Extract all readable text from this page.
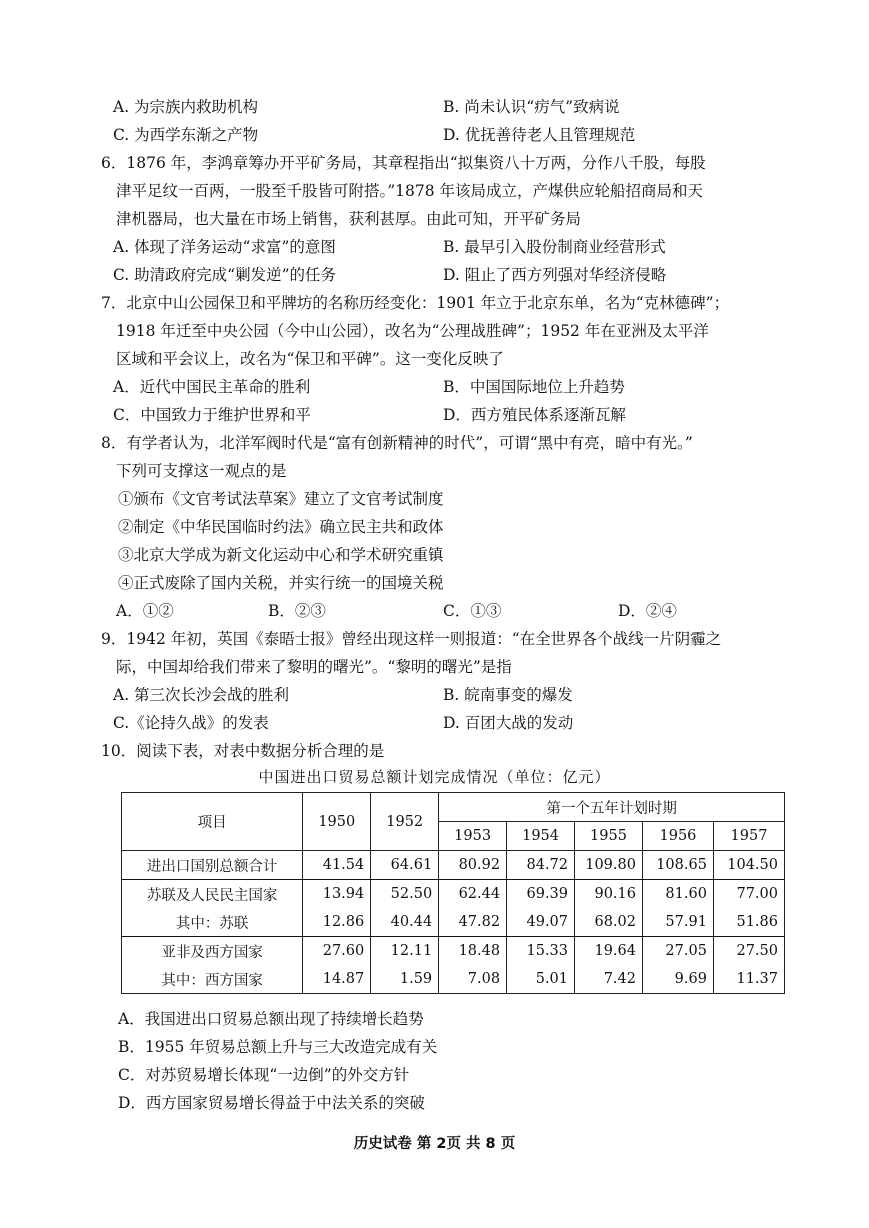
A. 为宗族内救助机构	B. 尚未认识“疠气”致病说
C. 为西学东渐之产物	D. 优抚善待老人且管理规范
6．1876 年，李鸿章筹办开平矿务局，其章程指出“拟集资八十万两，分作八千股，每股
津平足纹一百两，一股至千股皆可附搭。”1878 年该局成立，产煤供应轮船招商局和天
津机器局，也大量在市场上销售，获利甚厚。由此可知，开平矿务局
A. 体现了洋务运动“求富”的意图	B. 最早引入股份制商业经营形式
C. 助清政府完成“剿发逆”的任务	D. 阻止了西方列强对华经济侵略
7．北京中山公园保卫和平牌坊的名称历经变化：1901 年立于北京东单，名为“克林德碑”；
1918 年迁至中央公园（今中山公园），改名为“公理战胜碑”；1952 年在亚洲及太平洋
区域和平会议上，改名为“保卫和平碑”。这一变化反映了
A．近代中国民主革命的胜利	B．中国国际地位上升趋势
C．中国致力于维护世界和平	D．西方殖民体系逐渐瓦解
8．有学者认为，北洋军阀时代是“富有创新精神的时代”，可谓“黑中有亮，暗中有光。”
下列可支撑这一观点的是
①颁布《文官考试法草案》建立了文官考试制度
②制定《中华民国临时约法》确立民主共和政体
③北京大学成为新文化运动中心和学术研究重镇
④正式废除了国内关税，并实行统一的国境关税
A．①②	B．②③	C．①③	D．②④
9．1942 年初，英国《泰晤士报》曾经出现这样一则报道：“在全世界各个战线一片阴霾之
际，中国却给我们带来了黎明的曙光”。“黎明的曙光”是指
A. 第三次长沙会战的胜利	B. 皖南事变的爆发
C.《论持久战》的发表	D. 百团大战的发动
10．阅读下表，对表中数据分析合理的是
中国进出口贸易总额计划完成情况（单位：亿元）
项目	1950	1952	第一个五年计划时期				
			1953	1954	1955	1956	1957
进出口国别总额合计	41.54	64.61	80.92	84.72	109.80	108.65	104.50
苏联及人民民主国家	13.94	52.50	62.44	69.39	90.16	81.60	77.00
其中：苏联	12.86	40.44	47.82	49.07	68.02	57.91	51.86
亚非及西方国家	27.60	12.11	18.48	15.33	19.64	27.05	27.50
其中：西方国家	14.87	1.59	7.08	5.01	7.42	9.69	11.37
A．我国进出口贸易总额出现了持续增长趋势
B．1955 年贸易总额上升与三大改造完成有关
C．对苏贸易增长体现“一边倒”的外交方针
D．西方国家贸易增长得益于中法关系的突破
历史试卷 第 2页 共 8 页
